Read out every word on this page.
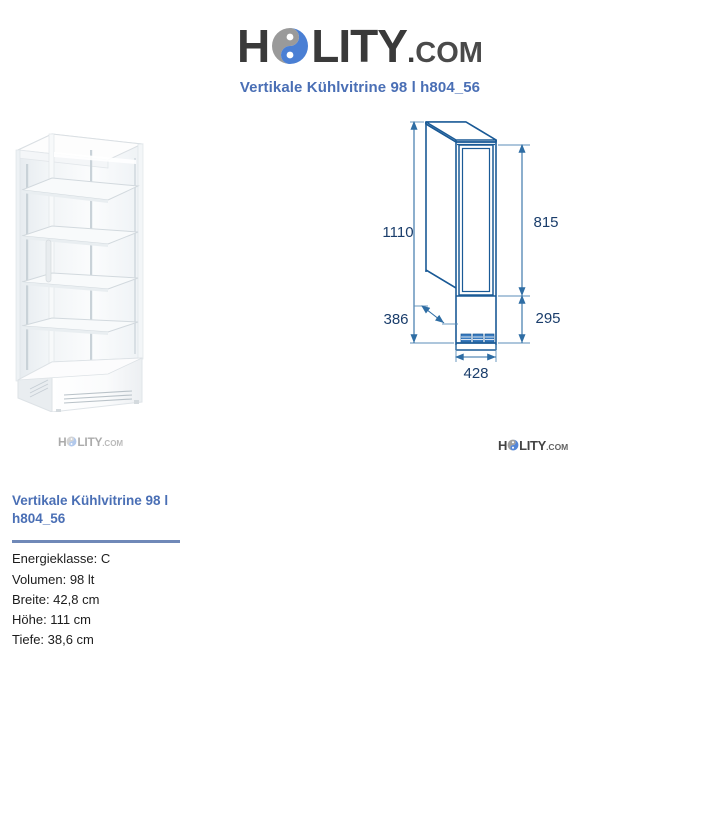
H LITY . COM
Vertikale Kühlvitrine 98 l h804_56
H LITY .COM
1110
815
295
386
428
H LITY .COM
Vertikale Kühlvitrine 98 l h804_56
Energieklasse: C
Volumen: 98 lt
Breite: 42,8 cm
Höhe: 111 cm
Tiefe: 38,6 cm
